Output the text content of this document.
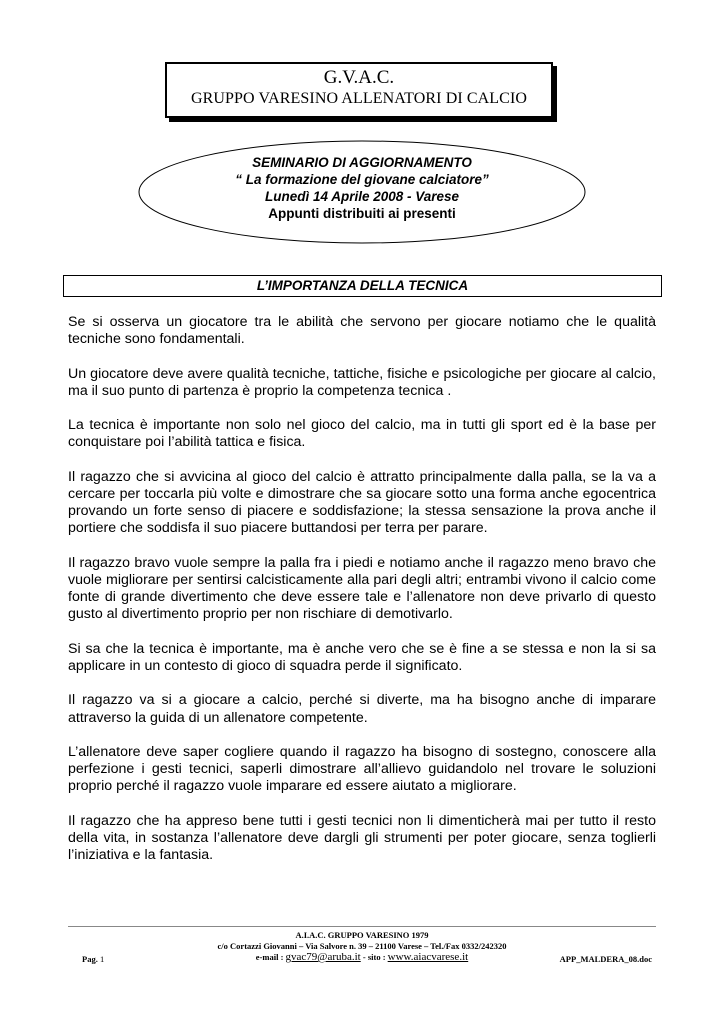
G.V.A.C.
GRUPPO VARESINO ALLENATORI DI CALCIO
SEMINARIO DI AGGIORNAMENTO
“ La formazione del giovane calciatore”
Lunedì 14 Aprile 2008 - Varese
Appunti distribuiti ai presenti
L’IMPORTANZA DELLA TECNICA

Se si osserva un giocatore tra le abilità che servono per giocare notiamo che le qualità tecniche sono fondamentali.

Un giocatore deve avere qualità tecniche, tattiche, fisiche e psicologiche per giocare al calcio, ma il suo punto di partenza è proprio la competenza tecnica .

La tecnica è importante non solo nel gioco del calcio, ma in tutti gli sport ed è la base per conquistare poi l’abilità tattica e fisica.

Il ragazzo che si avvicina al gioco del calcio è attratto principalmente dalla palla, se la va a cercare per toccarla più volte e dimostrare che sa giocare sotto una forma anche egocentrica provando un forte senso di piacere e soddisfazione; la stessa sensazione la prova anche il portiere che soddisfa il suo piacere buttandosi per terra per parare.

Il ragazzo bravo vuole sempre la palla fra i piedi e notiamo anche il ragazzo meno bravo che vuole migliorare per sentirsi calcisticamente alla pari degli altri; entrambi vivono il calcio come fonte di grande divertimento che deve essere tale e l’allenatore non deve privarlo di questo gusto al divertimento proprio per non rischiare di demotivarlo.

Si sa che la tecnica è importante, ma è anche vero che se è fine a se stessa e non la si sa applicare in un contesto di gioco di squadra perde il significato.

Il ragazzo va si a giocare a calcio, perché si diverte, ma ha bisogno anche di imparare attraverso la guida di un allenatore competente.

L’allenatore deve saper cogliere quando il ragazzo ha bisogno di sostegno, conoscere alla perfezione i gesti tecnici, saperli dimostrare all’allievo guidandolo nel trovare le soluzioni proprio perché il ragazzo vuole imparare ed essere aiutato a migliorare.

Il ragazzo che ha appreso bene tutti i gesti tecnici non li dimenticherà mai per tutto il resto della vita, in sostanza l’allenatore deve dargli gli strumenti per poter giocare, senza toglierli l’iniziativa e la fantasia.

A.I.A.C. GRUPPO VARESINO 1979
c/o Cortazzi Giovanni – Via Salvore n. 39 – 21100 Varese – Tel./Fax 0332/242320
Pag. 1	e-mail : gvac79@aruba.it - sito : www.aiacvarese.it	APP_MALDERA_08.doc
